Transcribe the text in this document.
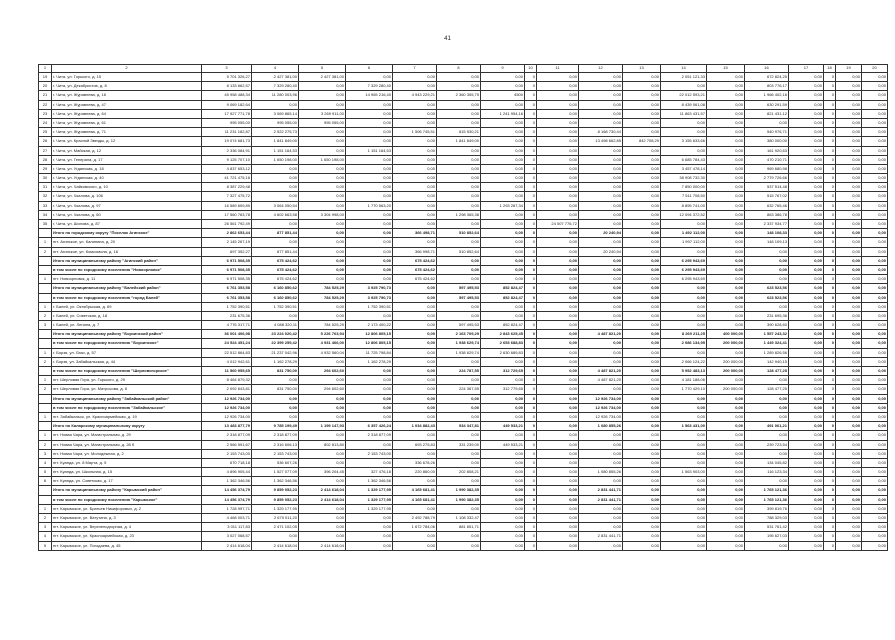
41
1	2	3	4	5	6	7	8	9	10	11	12	13	14	15	16	17	18	19	20
19	г. Чита, ул. Горького, д. 15	5 701 326,27	2 427 381,00	2 427 381,00	0,00	0,00	0,00	0,00	0	0,00	0,00	0,00	2 051 121,33	0,00	672 824,25	0,00	0	0,00	0,00
20	г. Чита, ул. Декабристов, д. 8	8 133 662,57	7 329 280,40	0,00	7 329 280,40	0,00	0,00	0,00	0	0,00	0,00	0,00	0,00	0,00	803 776,17	0,00	0	0,00	0,00
21	г. Чита, ул. Журавлева, д. 16	45 958 488,34	11 280 003,96	0,00	14 965 216,40	4 943 229,21	2 360 355,75	4500	0	0,00	0,00	0,00	22 012 593,21	0,00	1 966 402,16	0,00	0	0,00	0,00
22	г. Чита, ул. Журавлева, д. 47	9 069 182,64	0,00	0,00	0,00	0,00	0,00	0,00	0	0,00	0,00	0,00	8 439 061,08	0,00	630 291,59	0,00	0	0,00	0,00
23	г. Чита, ул. Журавлева, д. 64	17 927 771,78	3 069 865,14	3 269 911,00	0,00	0,00	0,00	1 241 954,16	0	0,00	0,00	0,00	11 863 431,57	0,00	821 431,12	0,00	0	0,00	0,00
24	г. Чита, ул. Журавлева, д. 61	995 055,00	995 055,00	995 055,00	0,00	0,00	0,00	0,00	0	0,00	0,00	0,00	0,00	0,00	0,00	0,00	0	0,00	0,00
25	г. Чита, ул. Журавлева, д. 71	11 231 182,87	2 522 275,73	0,00	0,00	1 506 745,51	815 530,21	0,00	0	0,00	8 168 730,44	0,00	0,00	0,00	540 976,71	0,00	0	0,00	0,00
26	г. Чита, ул. Красной Звезды, д. 12	19 074 681,73	1 841 849,00	0,00	0,00	0,00	1 841 849,00	0,00	0	0,00	13 498 662,85	842 708,29	3 155 633,66	0,00	380 000,00	0,00	0	0,00	0,00
27	г. Чита, ул. Майская, д. 12	2 336 084,91	1 151 164,53	0,00	1 151 164,53	0,00	0,00	0,00	0	0,00	0,00	0,00	0,00	0,00	161 920,63	0,00	0	0,00	0,00
28	г. Чита, ул. Генерала, д. 17	9 125 707,10	1 650 198,00	1 650 198,00	0,00	0,00	0,00	0,00	0	0,00	0,00	0,00	6 685 784,43	0,00	470 210,71	0,00	0	0,00	0,00
29	г. Чита, ул. Угданская, д. 18	4 837 653,12	0,00	0,00	0,00	0,00	0,00	0,00	0	0,00	0,00	0,00	3 457 478,14	0,00	969 680,98	0,00	0	0,00	0,00
30	г. Чита, ул. Угданская, д. 40	41 721 475,16	0,00	0,00	0,00	0,00	0,00	0,00	0	0,00	0,00	0,00	38 908 732,30	0,00	2 779 726,66	0,00	0	0,00	0,00
31	г. Чита, ул. Чайковского, д. 10	8 387 229,48	0,00	0,00	0,00	0,00	0,00	0,00	0	0,00	0,00	0,00	7 850 000,00	0,00	537 514,48	0,00	0	0,00	0,00
32	г. Чита, ул. Чкалова, д. 106	7 327 475,72	0,00	0,00	0,00	0,00	0,00	0,00	0	0,00	0,00	0,00	7 511 708,50	0,00	515 767,02	0,00	0	0,00	0,00
33	г. Чита, ул. Чкалова, д. 97	16 589 659,89	3 064 050,54	0,00	1 770 563,20	0,00	0,00	1 293 287,34	0	0,00	0,00	0,00	8 895 741,00	0,00	632 765,46	0,00	0	0,00	0,00
34	г. Чита, ул. Чкалова, д. 60	17 560 763,78	4 602 663,58	3 304 998,00	0,00	0,00	1 298 365,38	0,00	0	0,00	0,00	0,00	12 094 372,52	0,00	863 386,78	0,00	0	0,00	0,00
35	г. Чита, ул. Шилова, д. 87	26 561 792,49	0,00	0,00	0,00	0,00	0,00	0,00	0	24 007 776,72	0,00	0,00	0,00	0,00	2 337 934,77	0,00	0	0,00	0,00
	Итого по городскому округу "Поселок Агинское"	2 862 653,44	877 851,44	0,00	0,00	366 498,71	510 852,64	0,00	0	0,00	20 240,94	0,00	1 492 112,00	0,00	148 108,33	0,00	0	0,00	0,00
1	пгт. Агинское, ул. Калинина, д. 20	2 145 267,19	0,00	0,00	0,00	0,00	0,00	0,00	0	0,00	0,00	0,00	1 997 112,00	0,00	148 109,13	0,00	0	0,00	0,00
2	пгт. Агинское, ул. Комсомола, д. 16	697 352,27	877 851,44	0,00	0,00	366 998,71	510 852,64	0,00	0	0,00	20 240,94	0,00	0,00	0,00	0,00	0,00	0	0,00	0,00
	Итого по муниципальному району "Агинский район"	6 971 508,35	675 424,62	0,00	0,00	675 424,62	0,00	0,00	0	0,00	0,00	0,00	6 295 943,69	0,00	0,00	0,00	0	0,00	0,00
	в том числе по городскому поселению "Новоорловск"	6 971 508,35	675 424,62	0,00	0,00	675 424,62	0,00	0,00	0	0,00	0,00	0,00	6 295 943,69	0,00	0,00	0,00	0	0,00	0,00
1	пгт. Новоорловск, д. 11	6 971 508,35	675 424,62	0,00	0,00	675 424,62	0,00	0,00	0	0,00	0,00	0,00	6 295 943,69	0,00	0,00	0,00	0	0,00	0,00
	Итого по муниципальному району "Балейский район"	6 761 353,58	6 160 850,62	784 525,29	3 925 790,73	0,00	597 495,53	852 824,47	0	0,00	0,00	0,00	0,00	0,00	623 523,56	0,00	0	0,00	0,00
	в том числе по городскому поселению "город Балей"	6 761 353,58	6 160 850,62	784 525,29	3 925 790,73	0,00	597 495,53	852 824,47	0	0,00	0,00	0,00	0,00	0,00	623 523,56	0,00	0	0,00	0,00
1	г. Балей, ул. Октябрьская, д. 69	1 752 390,51	1 752 390,51	0,00	1 752 390,51	0,00	0,00	0,00	0	0,00	0,00	0,00	0,00	0,00	0,00	0,00	0	0,00	0,00
2	г. Балей, ул. Советская, д. 18	231 675,36	0,00	0,00	0,00	0,00	0,00	0,00	0	0,00	0,00	0,00	0,00	0,00	231 695,36	0,00	0	0,00	0,00
3	г. Балей, ул. Ленина, д. 7	4 776 317,71	4 088 320,11	784 525,29	2 173 400,22	0,00	597 495,53	852 824,47	0	0,00	0,00	0,00	0,00	0,00	390 628,60	0,00	0	0,00	0,00
	Итого по муниципальному району "Борзинский район"	36 001 406,98	23 224 020,42	5 226 763,94	12 806 805,15	0,00	2 163 709,29	2 843 625,45	0	0,00	4 487 821,20	0,00	8 269 211,25	400 000,00	1 557 243,32	0,00	0	0,00	0,00
	в том числе по городскому поселению "Борзинское"	24 524 451,24	22 399 259,42	4 931 466,00	12 806 805,15	0,00	1 938 629,74	2 653 688,83	0	0,00	0,00	0,00	2 086 134,95	200 000,00	1 449 324,41	0,00	0	0,00	0,00
1	г. Борзя, ул. Лазо, д. 57	22 512 864,83	21 237 042,96	4 932 560,04	11 725 798,84	0,00	1 938 629,74	2 630 689,83	0	0,00	0,00	0,00	0,00	0,00	1 289 826,56	0,00	0	0,00	0,00
2	г. Борзя, ул. Забайкальская, д. 44	4 012 942,61	1 162 278,29	0,00	1 162 278,29	0,00	0,00	0,00	0	0,00	0,00	0,00	2 066 124,22	200 000,00	142 940,15	0,00	0	0,00	0,00
	в том числе по городскому поселению "Шерловогорское"	11 560 955,65	831 750,00	294 602,60	0,00	0,00	224 787,55	312 729,65	0	0,00	4 487 821,20	0,00	5 952 483,13	200 000,00	128 477,25	0,00	0	0,00	0,00
1	пгт. Шерловая Гора, ул. Горького, д. 29	8 464 879,32	0,00	0,00	0,00	0,00	0,00	0,00	0	0,00	4 487 821,20	0,00	4 181 188,06	0,00	0,00	0,00	0	0,00	0,00
2	пгт. Шерловая Гора, ул. Матросова, д. 6	2 092 643,81	831 750,00	294 602,60	0,00	0,00	224 367,55	312 779,65	0	0,00	0,00	0,00	1 770 429,10	200 000,00	128 477,25	0,00	0	0,00	0,00
	Итого по муниципальному району "Забайкальский район"	12 926 734,00	0,00	0,00	0,00	0,00	0,00	0,00	0	0,00	12 926 734,00	0,00	0,00	0,00	0,00	0,00	0	0,00	0,00
	в том числе по городскому поселению "Забайкальское"	12 926 734,00	0,00	0,00	0,00	0,00	0,00	0,00	0	0,00	12 926 734,00	0,00	0,00	0,00	0,00	0,00	0	0,00	0,00
1	пгт. Забайкальск, ул. Красноармейская, д. 19	12 926 734,00	0,00	0,00	0,00	0,00	0,00	0,00	0	0,00	12 926 734,00	0,00	0,00	0,00	0,00	0,00	0	0,00	0,00
	Итого по Каларскому муниципальному округу	13 483 877,79	9 785 199,49	1 199 147,93	6 357 426,24	1 034 882,43	534 347,81	449 533,21	0	0,00	1 080 855,26	0,00	1 563 431,00	0,00	491 061,21	0,00	0	0,00	0,00
1	пгт. Новая Чара, ул. Магистральная, д. 29	2 318 877,09	2 318 877,09	0,00	2 318 877,09	0,00	0,00	0,00	0	0,00	0,00	0,00	0,00	0,00	0,00	0,00	0	0,00	0,00
2	пгт. Новая Чара, ул. Магистральная, д. 28 б	2 566 591,67	2 316 606,13	802 813,80	0,00	693 275,83	331 239,00	449 533,21	0	0,00	0,00	0,00	0,00	0,00	239 723,54	0,00	0	0,00	0,00
3	пгт. Новая Чара, ул. Молодежная, д. 2	2 153 743,00	2 153 743,00	0,00	2 153 743,00	0,00	0,00	0,00	0	0,00	0,00	0,00	0,00	0,00	0,00	0,00	0	0,00	0,00
4	пгт. Куанда, ул. 8 Марта, д. 5	670 718,18	536 607,26	0,00	0,00	336 678,26	0,00	0,00	0	0,00	0,00	0,00	0,00	0,00	134 045,82	0,00	0	0,00	0,00
5	пгт. Куанда, ул. Школьная, д. 15	4 896 905,44	1 527 077,09	396 204,45	327 476,18	220 860,00	202 808,21	0,00	0	0,00	1 080 855,26	0,00	1 563 903,00	0,00	116 123,34	0,00	0	0,00	0,00
6	пгт. Куанда, ул. Советская, д. 17	1 362 346,56	1 362 346,56	0,00	1 362 346,56	0,00	0,00	0,00	0	0,00	0,00	0,00	0,00	0,00	0,00	0,00	0	0,00	0,00
	Итого по муниципальному району "Карымский район"	14 456 374,79	9 859 052,23	2 414 618,04	1 329 177,95	4 165 681,41	1 990 382,35	0,00	0	0,00	2 831 441,71	0,00	0,00	0,00	1 765 121,36	0,00	0	0,00	0,00
	в том числе по городскому поселению "Карымское"	14 456 374,79	9 859 052,23	2 414 618,04	1 329 177,95	4 165 681,41	1 990 382,35	0,00	0	0,00	2 831 441,71	0,00	0,00	0,00	1 765 121,36	0,00	0	0,00	0,00
1	пгт. Карымское, ул. Братьев Никифоровых, д. 2	1 728 997,71	1 329 177,95	0,00	1 329 177,95	0,00	0,00	0,00	0	0,00	0,00	0,00	0,00	0,00	399 819,76	0,00	0	0,00	0,00
2	пгт. Карымское, ул. Ватутина, д. 3	4 468 003,71	2 670 011,20	0,00	0,00	2 492 788,79	1 108 332,47	0,00	0	0,00	0,00	0,00	0,00	0,00	788 329,03	0,00	0	0,00	0,00
3	пгт. Карымское, ул. Верхнеподгорная, д. 4	3 011 117,83	2 471 102,05	0,00	0,00	1 672 784,06	881 651,71	0,00	0	0,00	0,00	0,00	0,00	0,00	531 761,42	0,00	0	0,00	0,00
4	пгт. Карымское, ул. Красноармейская, д. 23	3 027 068,57	0,00	0,00	0,00	0,00	0,00	0,00	0	0,00	2 831 441,71	0,00	0,00	0,00	195 627,03	0,00	0	0,00	0,00
5	пгт. Карымское, ул. Погодаева, д. 45	2 414 618,04	2 414 618,04	2 414 618,04	0,00	0,00	0,00	0,00	0	0,00	0,00	0,00	0,00	0,00	0,00	0,00	0	0,00	0,00
